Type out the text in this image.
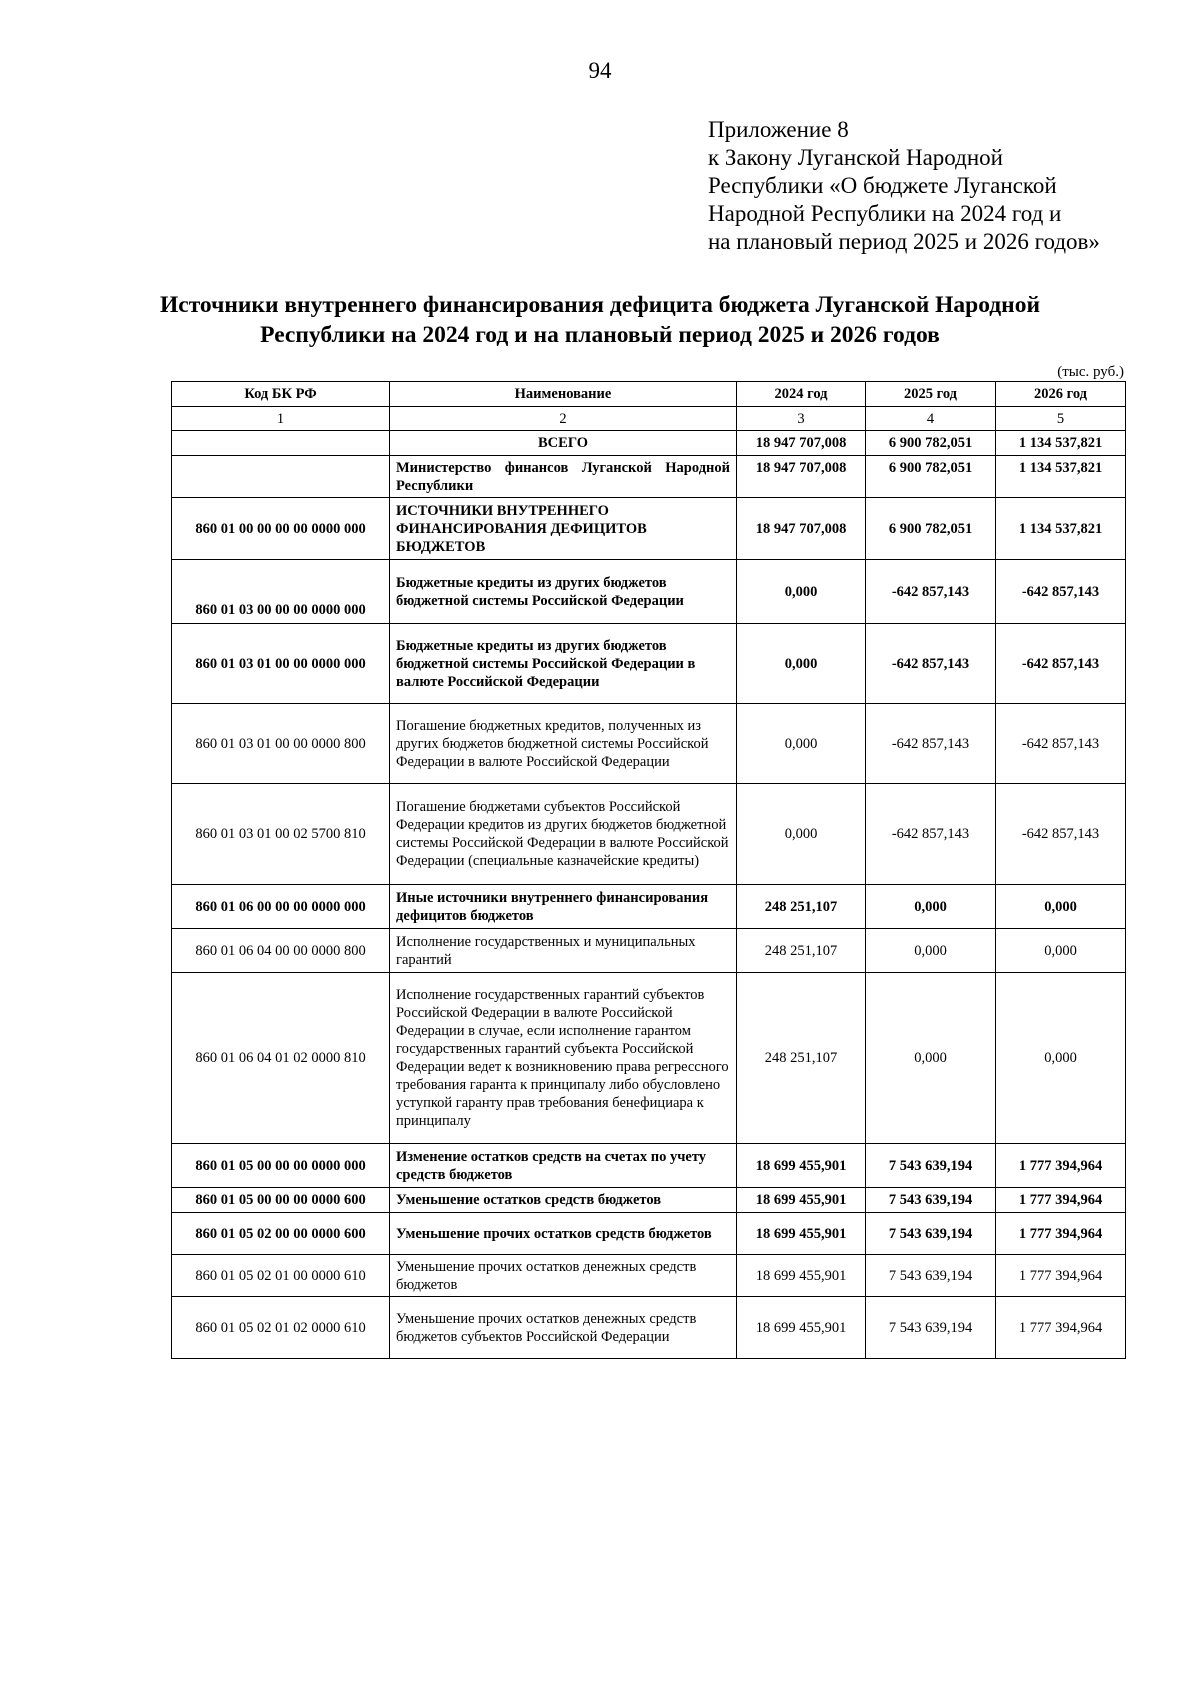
94
Приложение 8
к Закону Луганской Народной
Республики «О бюджете Луганской
Народной Республики на 2024 год и
на плановый период 2025 и 2026 годов»
Источники внутреннего финансирования дефицита бюджета Луганской Народной
Республики на 2024 год и на плановый период 2025 и 2026 годов
(тыс. руб.)
Код БК РФ	Наименование	2024 год	2025 год	2026 год
1	2	3	4	5
	ВСЕГО	18 947 707,008	6 900 782,051	1 134 537,821
	Министерство финансов Луганской Народной Республики	18 947 707,008	6 900 782,051	1 134 537,821
860 01 00 00 00 00 0000 000	ИСТОЧНИКИ ВНУТРЕННЕГО ФИНАНСИРОВАНИЯ ДЕФИЦИТОВ БЮДЖЕТОВ	18 947 707,008	6 900 782,051	1 134 537,821
860 01 03 00 00 00 0000 000	Бюджетные кредиты из других бюджетов бюджетной системы Российской Федерации	0,000	-642 857,143	-642 857,143
860 01 03 01 00 00 0000 000	Бюджетные кредиты из других бюджетов бюджетной системы Российской Федерации в валюте Российской Федерации	0,000	-642 857,143	-642 857,143
860 01 03 01 00 00 0000 800	Погашение бюджетных кредитов, полученных из других бюджетов бюджетной системы Российской Федерации в валюте Российской Федерации	0,000	-642 857,143	-642 857,143
860 01 03 01 00 02 5700 810	Погашение бюджетами субъектов Российской Федерации кредитов из других бюджетов бюджетной системы Российской Федерации в валюте Российской Федерации (специальные казначейские кредиты)	0,000	-642 857,143	-642 857,143
860 01 06 00 00 00 0000 000	Иные источники внутреннего финансирования дефицитов бюджетов	248 251,107	0,000	0,000
860 01 06 04 00 00 0000 800	Исполнение государственных и муниципальных гарантий	248 251,107	0,000	0,000
860 01 06 04 01 02 0000 810	Исполнение государственных гарантий субъектов Российской Федерации в валюте Российской Федерации в случае, если исполнение гарантом государственных гарантий субъекта Российской Федерации ведет к возникновению права регрессного требования гаранта к принципалу либо обусловлено уступкой гаранту прав требования бенефициара к принципалу	248 251,107	0,000	0,000
860 01 05 00 00 00 0000 000	Изменение остатков средств на счетах по учету средств бюджетов	18 699 455,901	7 543 639,194	1 777 394,964
860 01 05 00 00 00 0000 600	Уменьшение остатков средств бюджетов	18 699 455,901	7 543 639,194	1 777 394,964
860 01 05 02 00 00 0000 600	Уменьшение прочих остатков средств бюджетов	18 699 455,901	7 543 639,194	1 777 394,964
860 01 05 02 01 00 0000 610	Уменьшение прочих остатков денежных средств бюджетов	18 699 455,901	7 543 639,194	1 777 394,964
860 01 05 02 01 02 0000 610	Уменьшение прочих остатков денежных средств бюджетов субъектов Российской Федерации	18 699 455,901	7 543 639,194	1 777 394,964
